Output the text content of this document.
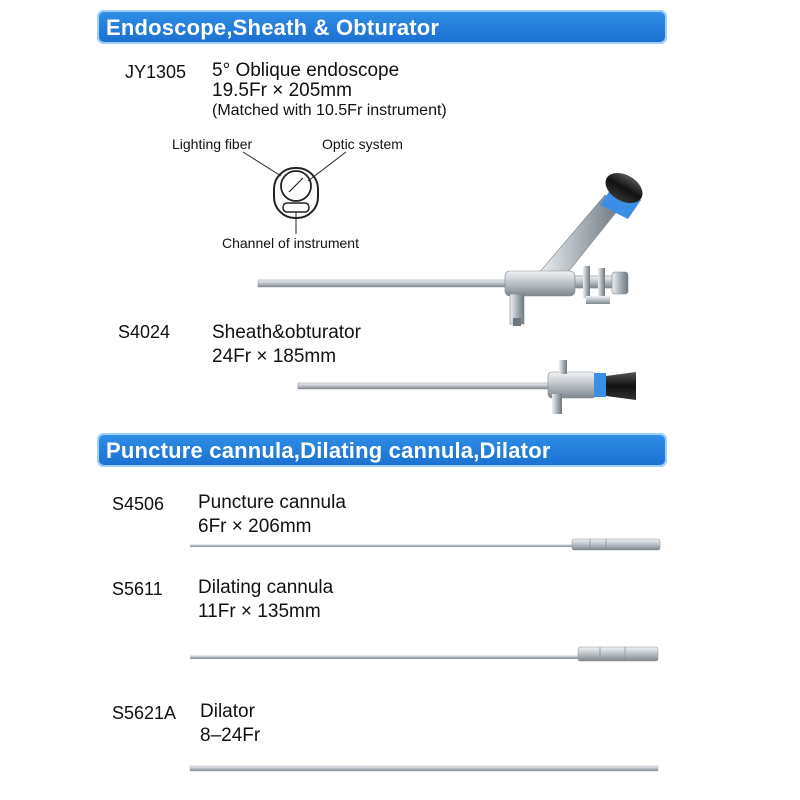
Endoscope,Sheath & Obturator
JY1305 5° Oblique endoscope
19.5Fr × 205mm
(Matched with 10.5Fr instrument)
Lighting fiber	Optic system
Channel of instrument
S4024 Sheath&obturator
24Fr × 185mm
Puncture cannula,Dilating cannula,Dilator
S4506 Puncture cannula
6Fr × 206mm
S5611 Dilating cannula
11Fr × 135mm
S5621A Dilator
8–24Fr
